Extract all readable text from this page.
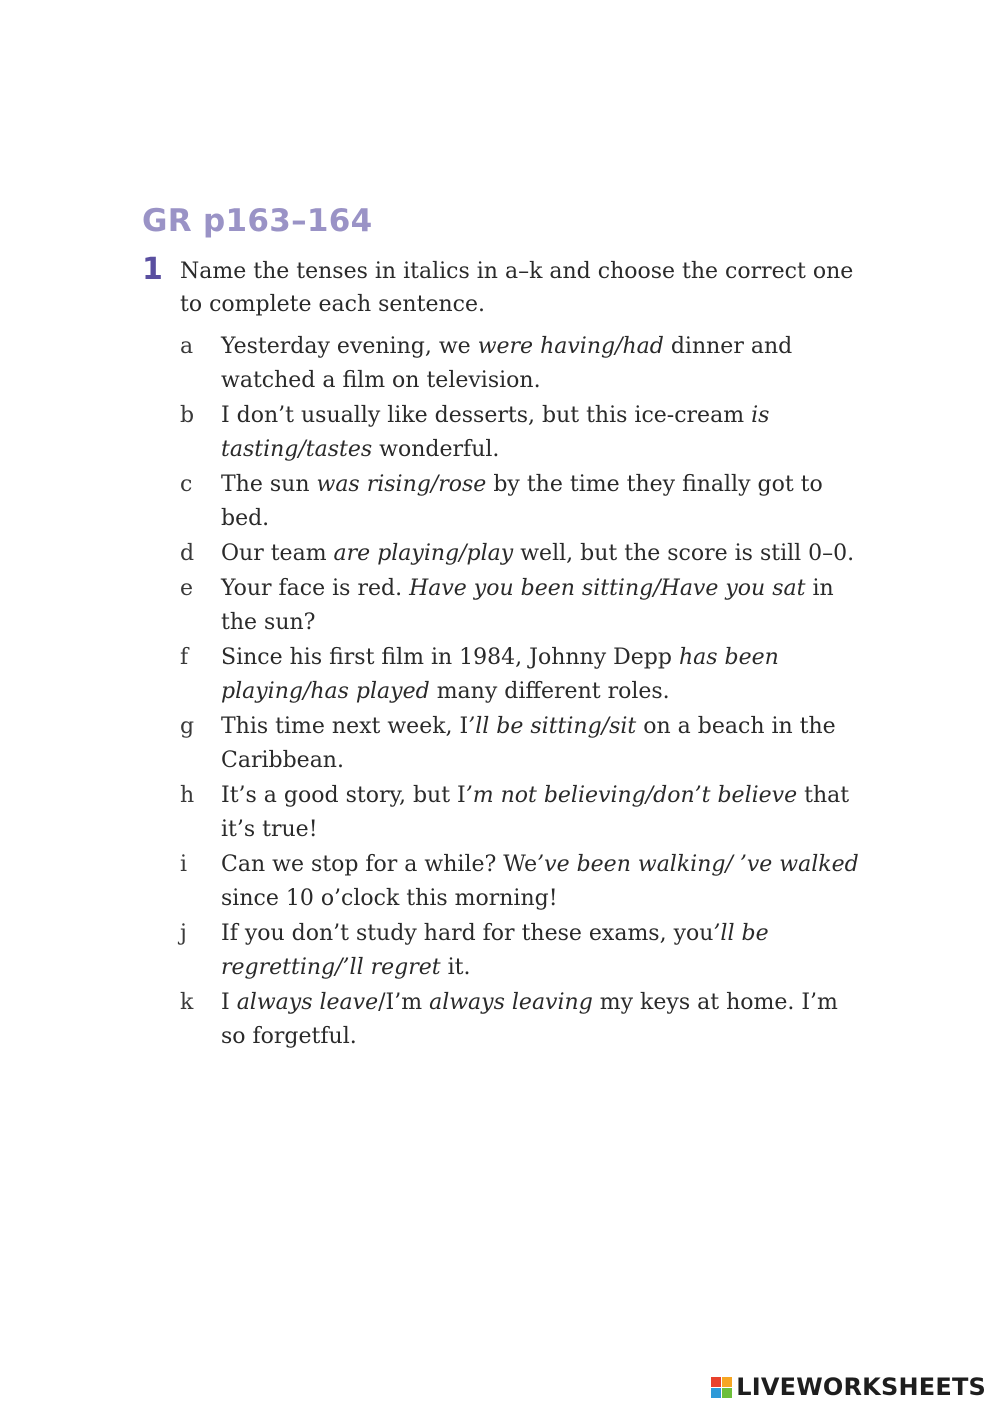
GR p163–164
1 Name the tenses in italics in a–k and choose the correct one to complete each sentence.

a Yesterday evening, we were having/had dinner and watched a film on television.
b I don’t usually like desserts, but this ice-cream is tasting/tastes wonderful.
c The sun was rising/rose by the time they finally got to bed.
d Our team are playing/play well, but the score is still 0–0.
e Your face is red. Have you been sitting/Have you sat in the sun?
f Since his first film in 1984, Johnny Depp has been playing/has played many different roles.
g This time next week, I’ll be sitting/sit on a beach in the Caribbean.
h It’s a good story, but I’m not believing/don’t believe that it’s true!
i Can we stop for a while? We’ve been walking/ ’ve walked since 10 o’clock this morning!
j If you don’t study hard for these exams, you’ll be regretting/’ll regret it.
k I always leave/I’m always leaving my keys at home. I’m so forgetful.
LIVEWORKSHEETS
